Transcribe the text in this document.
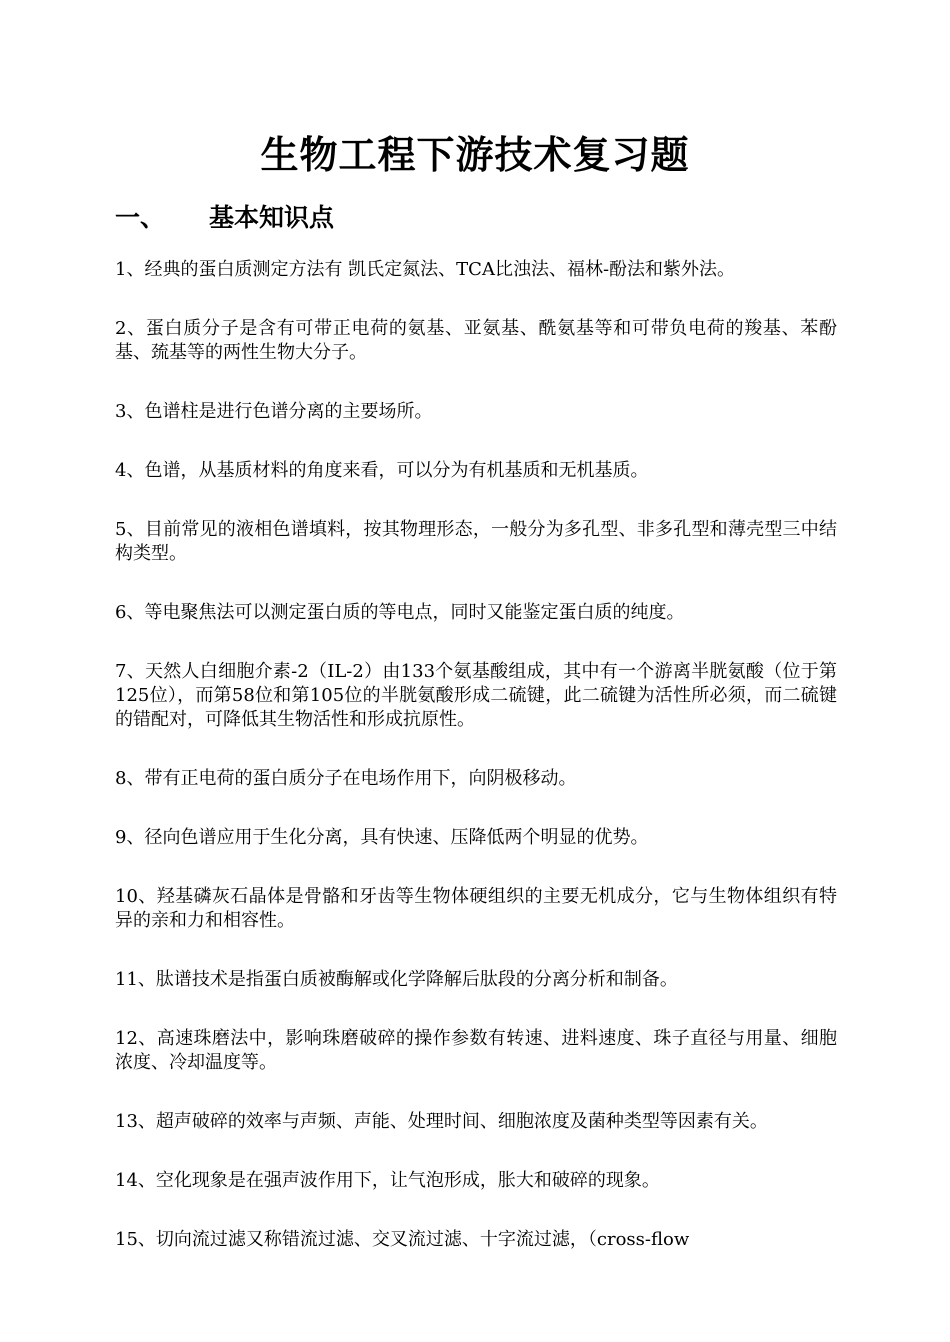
生物工程下游技术复习题
一、 基本知识点
1、经典的蛋白质测定方法有 凯氏定氮法、TCA比浊法、福林-酚法和紫外法。
2、蛋白质分子是含有可带正电荷的氨基、亚氨基、酰氨基等和可带负电荷的羧基、苯酚基、巯基等的两性生物大分子。
3、色谱柱是进行色谱分离的主要场所。
4、色谱，从基质材料的角度来看，可以分为有机基质和无机基质。
5、目前常见的液相色谱填料，按其物理形态，一般分为多孔型、非多孔型和薄壳型三中结构类型。
6、等电聚焦法可以测定蛋白质的等电点，同时又能鉴定蛋白质的纯度。
7、天然人白细胞介素-2（IL-2）由133个氨基酸组成，其中有一个游离半胱氨酸（位于第125位），而第58位和第105位的半胱氨酸形成二硫键，此二硫键为活性所必须，而二硫键的错配对，可降低其生物活性和形成抗原性。
8、带有正电荷的蛋白质分子在电场作用下，向阴极移动。
9、径向色谱应用于生化分离，具有快速、压降低两个明显的优势。
10、羟基磷灰石晶体是骨骼和牙齿等生物体硬组织的主要无机成分，它与生物体组织有特异的亲和力和相容性。
11、肽谱技术是指蛋白质被酶解或化学降解后肽段的分离分析和制备。
12、高速珠磨法中，影响珠磨破碎的操作参数有转速、进料速度、珠子直径与用量、细胞浓度、冷却温度等。
13、超声破碎的效率与声频、声能、处理时间、细胞浓度及菌种类型等因素有关。
14、空化现象是在强声波作用下，让气泡形成，胀大和破碎的现象。
15、切向流过滤又称错流过滤、交叉流过滤、十字流过滤，（cross-flow
